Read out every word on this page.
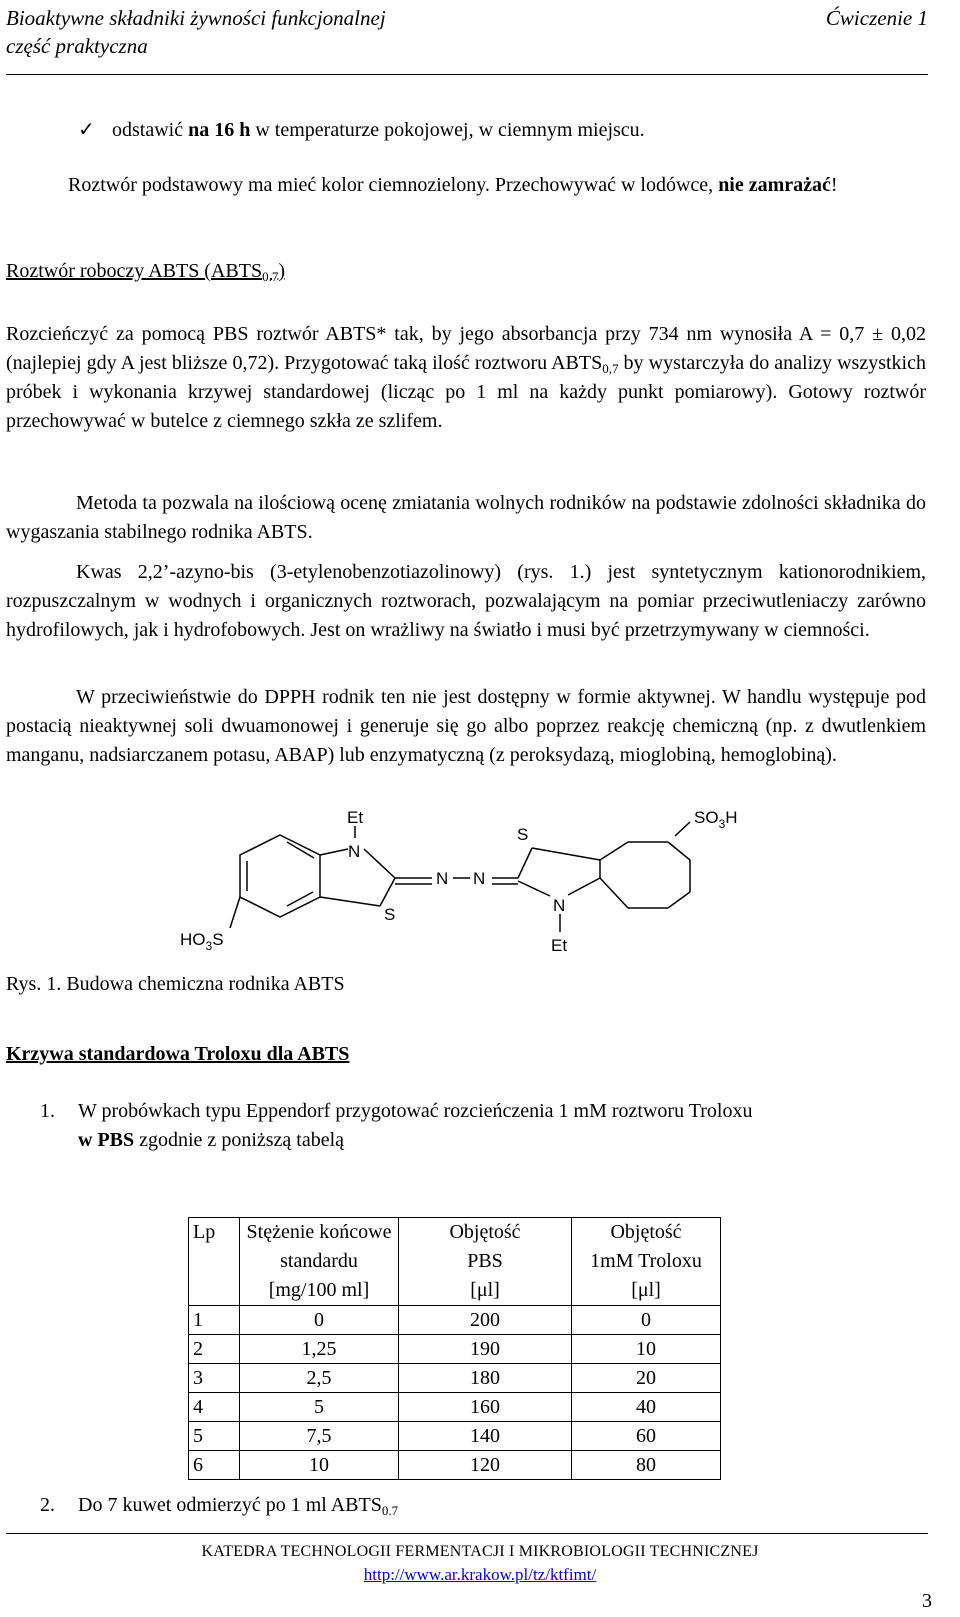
Bioaktywne składniki żywności funkcjonalnej
część praktyczna
Ćwiczenie 1
✓ odstawić na 16 h w temperaturze pokojowej, w ciemnym miejscu.
Roztwór podstawowy ma mieć kolor ciemnozielony. Przechowywać w lodówce, nie zamrażać!
Roztwór roboczy ABTS $(ABTS_{0.7})$
Rozcieńczyć za pomocą PBS roztwór ABTS* tak, by jego absorbancja przy 734 nm wynosiła A = 0,7 ± 0,02 (najlepiej gdy A jest bliższe 0,72). Przygotować taką ilość roztworu $ABTS_{0,7}$ by wystarczyła do analizy wszystkich próbek i wykonania krzywej standardowej (licząc po 1 ml na każdy punkt pomiarowy). Gotowy roztwór przechowywać w butelce z ciemnego szkła ze szlifem.
Metoda ta pozwala na ilościową ocenę zmiatania wolnych rodników na podstawie zdolności składnika do wygaszania stabilnego rodnika ABTS.
Kwas 2,2’-azyno-bis (3-etylenobenzotiazolinowy) (rys. 1.) jest syntetycznym kationorodnikiem, rozpuszczalnym w wodnych i organicznych roztworach, pozwalającym na pomiar przeciwutleniaczy zarówno hydrofilowych, jak i hydrofobowych. Jest on wrażliwy na światło i musi być przetrzymywany w ciemności.
W przeciwieństwie do DPPH rodnik ten nie jest dostępny w formie aktywnej. W handlu występuje pod postacią nieaktywnej soli dwuamonowej i generuje się go albo poprzez reakcję chemiczną (np. z dwutlenkiem manganu, nadsiarczanem potasu, ABAP) lub enzymatyczną (z peroksydazą, mioglobiną, hemoglobiną).
Et
N
S
N N
S
N
Et
$HO_3S$
$SO_3H$
Rys. 1. Budowa chemiczna rodnika ABTS
Krzywa standardowa Troloxu dla ABTS
1. W probówkach typu Eppendorf przygotować rozcieńczenia 1 mM roztworu Troloxu
w PBS zgodnie z poniższą tabelą
Lp	Stężenie końcowe
standardu
[mg/100 ml]	Objętość
PBS
[μl]	Objętość
1mM Troloxu
[μl]
1	0	200	0
2	1,25	190	10
3	2,5	180	20
4	5	160	40
5	7,5	140	60
6	10	120	80
2. Do 7 kuwet odmierzyć po 1 ml $ABTS_{0.7}$
KATEDRA TECHNOLOGII FERMENTACJI I MIKROBIOLOGII TECHNICZNEJ
http://www.ar.krakow.pl/tz/ktfimt/
3
